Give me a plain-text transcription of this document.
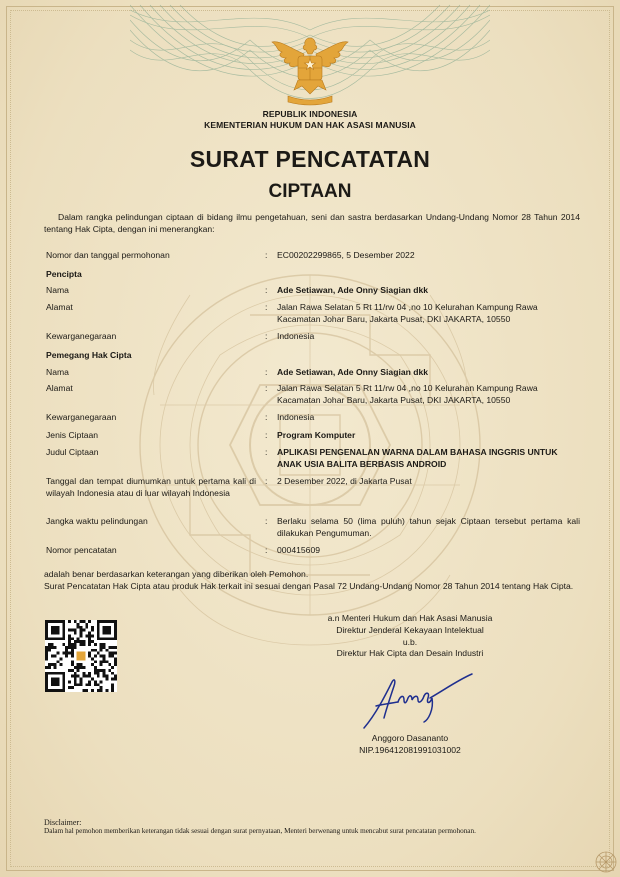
REPUBLIK INDONESIA
KEMENTERIAN HUKUM DAN HAK ASASI MANUSIA
SURAT PENCATATAN
CIPTAAN
Dalam rangka pelindungan ciptaan di bidang ilmu pengetahuan, seni dan sastra berdasarkan Undang-Undang Nomor 28 Tahun 2014 tentang Hak Cipta, dengan ini menerangkan:
Nomor dan tanggal permohonan	: EC00202299865, 5 Desember 2022
Pencipta
Nama	: Ade Setiawan, Ade Onny Siagian dkk
Alamat	: Jalan Rawa Selatan 5 Rt 11/rw 04 ,no 10 Kelurahan Kampung Rawa Kacamatan Johar Baru, Jakarta Pusat, DKI JAKARTA, 10550
Kewarganegaraan	: Indonesia
Pemegang Hak Cipta
Nama	: Ade Setiawan, Ade Onny Siagian dkk
Alamat	: Jalan Rawa Selatan 5 Rt 11/rw 04 ,no 10 Kelurahan Kampung Rawa Kacamatan Johar Baru, Jakarta Pusat, DKI JAKARTA, 10550
Kewarganegaraan	: Indonesia
Jenis Ciptaan	: Program Komputer
Judul Ciptaan	: APLIKASI PENGENALAN WARNA DALAM BAHASA INGGRIS UNTUK ANAK USIA BALITA BERBASIS ANDROID
Tanggal dan tempat diumumkan untuk pertama kali di wilayah Indonesia atau di luar wilayah Indonesia
: 2 Desember 2022, di Jakarta Pusat
Jangka waktu pelindungan	: Berlaku selama 50 (lima puluh) tahun sejak Ciptaan tersebut pertama kali dilakukan Pengumuman.
Nomor pencatatan	: 000415609
adalah benar berdasarkan keterangan yang diberikan oleh Pemohon.
Surat Pencatatan Hak Cipta atau produk Hak terkait ini sesuai dengan Pasal 72 Undang-Undang Nomor 28 Tahun 2014 tentang Hak Cipta.
a.n Menteri Hukum dan Hak Asasi Manusia
Direktur Jenderal Kekayaan Intelektual
u.b.
Direktur Hak Cipta dan Desain Industri
Anggoro Dasananto
NIP.196412081991031002
Disclaimer:
Dalam hal pemohon memberikan keterangan tidak sesuai dengan surat pernyataan, Menteri berwenang untuk mencabut surat pencatatan permohonan.
